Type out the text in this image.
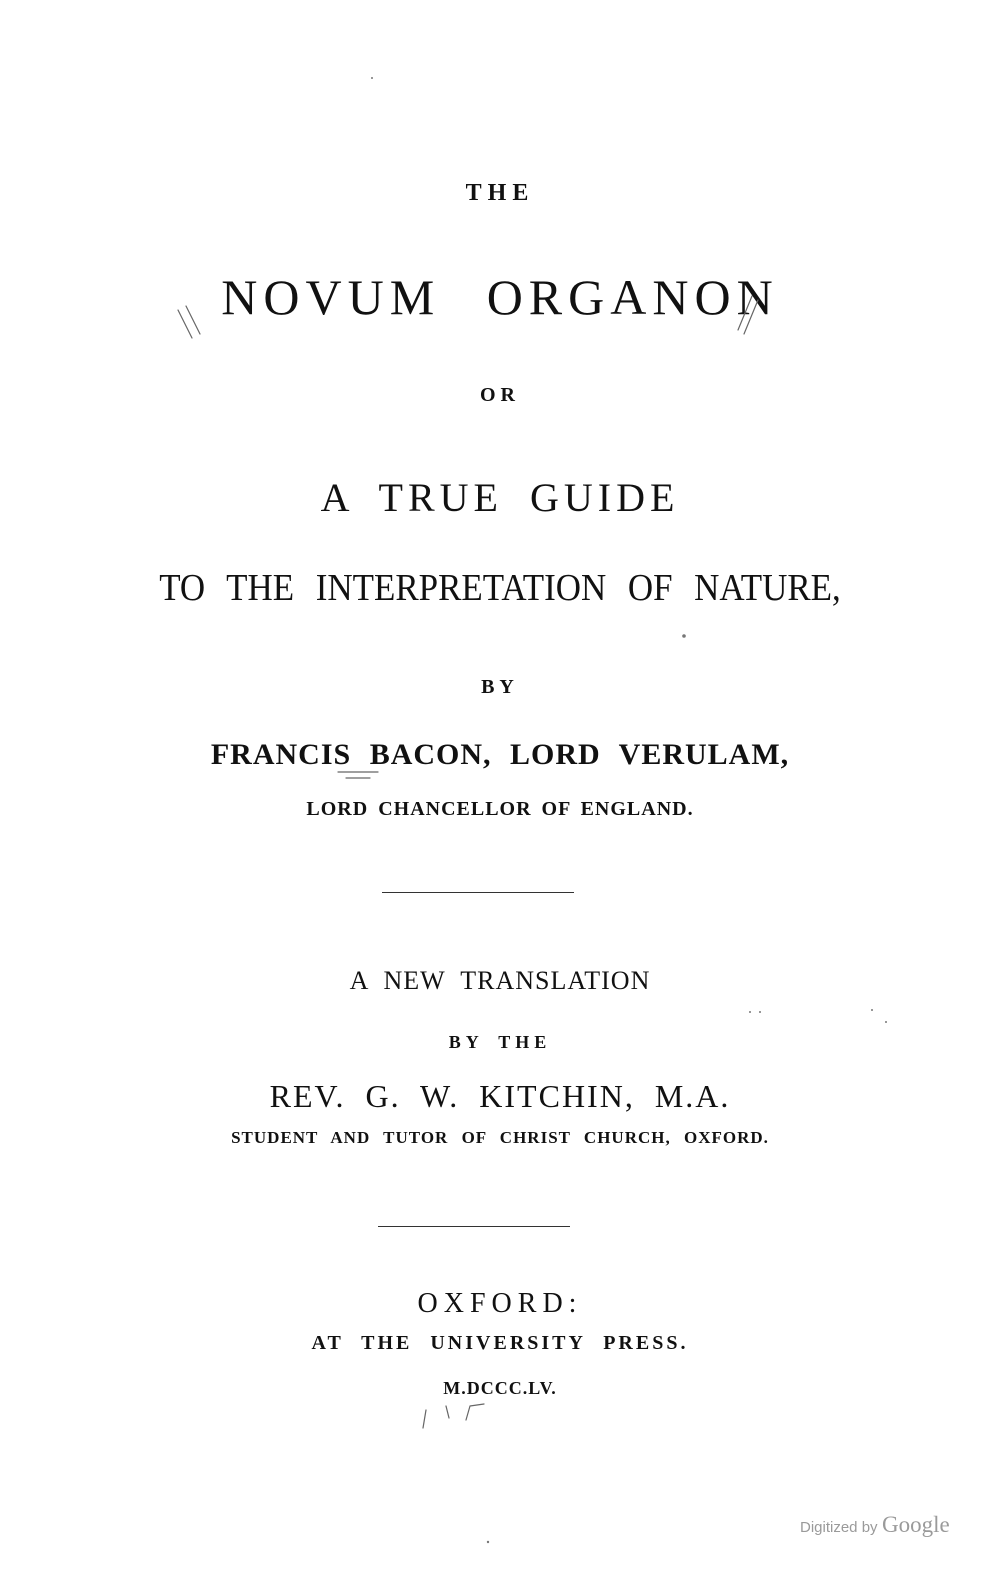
THE
NOVUM ORGANON
OR
A TRUE GUIDE
TO THE INTERPRETATION OF NATURE,
BY
FRANCIS BACON, LORD VERULAM,
LORD CHANCELLOR OF ENGLAND.
A NEW TRANSLATION
BY THE
REV. G. W. KITCHIN, M.A.
STUDENT AND TUTOR OF CHRIST CHURCH, OXFORD.
OXFORD:
AT THE UNIVERSITY PRESS.
M.DCCC.LV.
Digitized by Google
